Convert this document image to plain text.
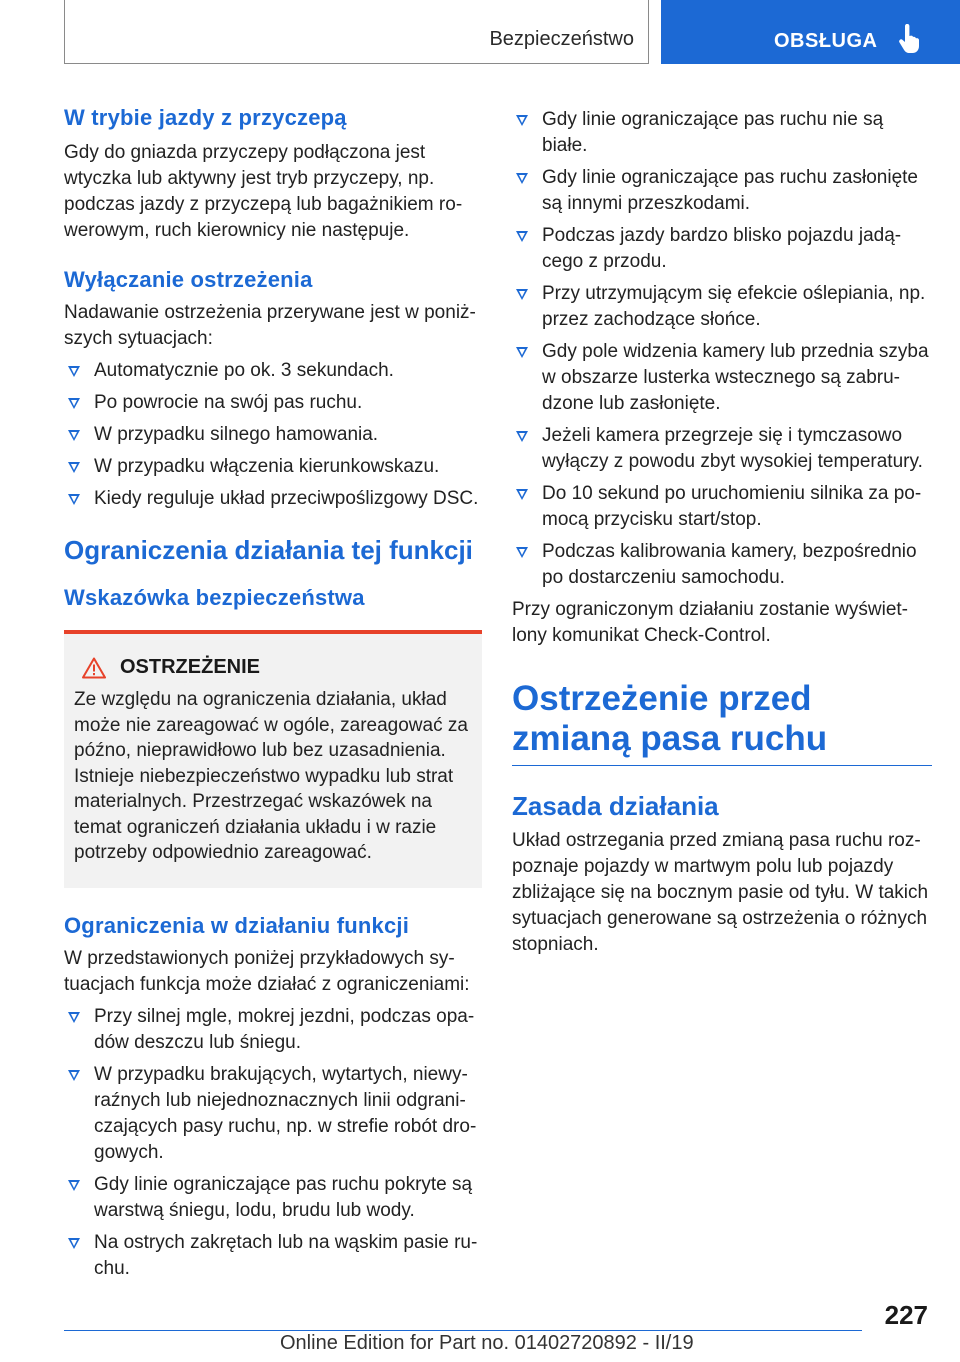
Bezpieczeństwo	OBSŁUGA
W trybie jazdy z przyczepą

Gdy do gniazda przyczepy podłączona jest wtyczka lub aktywny jest tryb przyczepy, np. podczas jazdy z przyczepą lub bagażnikiem rowerowym, ruch kierownicy nie następuje.

Wyłączanie ostrzeżenia

Nadawanie ostrzeżenia przerywane jest w poniższych sytuacjach:

Automatycznie po ok. 3 sekundach.
Po powrocie na swój pas ruchu.
W przypadku silnego hamowania.
W przypadku włączenia kierunkowskazu.
Kiedy reguluje układ przeciwpoślizgowy DSC.
Ograniczenia działania tej funkcji
Wskazówka bezpieczeństwa
OSTRZEŻENIE
Ze względu na ograniczenia działania, układ może nie zareagować w ogóle, zareagować za późno, nieprawidłowo lub bez uzasadnienia. Istnieje niebezpieczeństwo wypadku lub strat materialnych. Przestrzegać wskazówek na temat ograniczeń działania układu i w razie potrzeby odpowiednio zareagować.
Ograniczenia w działaniu funkcji

W przedstawionych poniżej przykładowych sytuacjach funkcja może działać z ograniczeniami:

Przy silnej mgle, mokrej jezdni, podczas opadów deszczu lub śniegu.
W przypadku brakujących, wytartych, niewyraźnych lub niejednoznacznych linii odgraniczających pasy ruchu, np. w strefie robót drogowych.
Gdy linie ograniczające pas ruchu pokryte są warstwą śniegu, lodu, brudu lub wody.
Na ostrych zakrętach lub na wąskim pasie ruchu.
Gdy linie ograniczające pas ruchu nie są białe.
Gdy linie ograniczające pas ruchu zasłonięte są innymi przeszkodami.
Podczas jazdy bardzo blisko pojazdu jadącego z przodu.
Przy utrzymującym się efekcie oślepiania, np. przez zachodzące słońce.
Gdy pole widzenia kamery lub przednia szyba w obszarze lusterka wstecznego są zabrudzone lub zasłonięte.
Jeżeli kamera przegrzeje się i tymczasowo wyłączy z powodu zbyt wysokiej temperatury.
Do 10 sekund po uruchomieniu silnika za pomocą przycisku start/stop.
Podczas kalibrowania kamery, bezpośrednio po dostarczeniu samochodu.

Przy ograniczonym działaniu zostanie wyświetlony komunikat Check-Control.

Ostrzeżenie przed zmianą pasa ruchu
Zasada działania

Układ ostrzegania przed zmianą pasa ruchu rozpoznaje pojazdy w martwym polu lub pojazdy zbliżające się na bocznym pasie od tyłu. W takich sytuacjach generowane są ostrzeżenia o różnych stopniach.

227
Online Edition for Part no. 01402720892 - II/19
